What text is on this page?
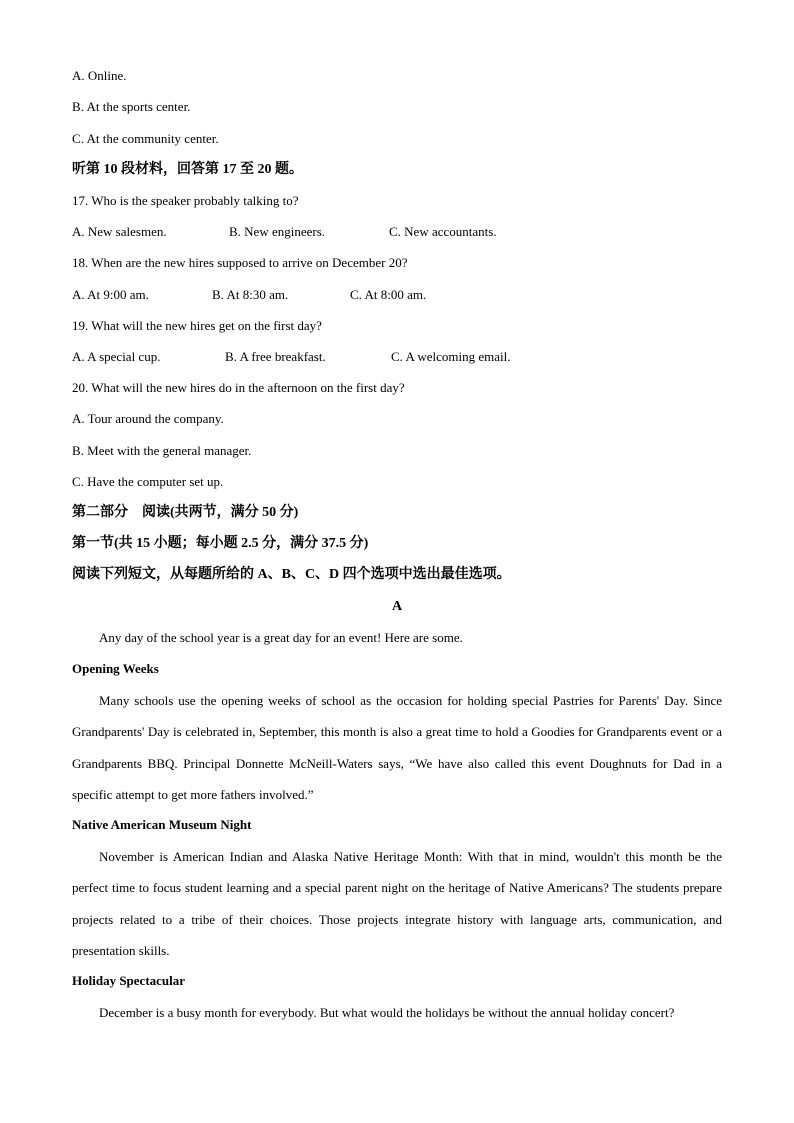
A. Online.
B. At the sports center.
C. At the community center.
听第 10 段材料，回答第 17 至 20 题。
17. Who is the speaker probably talking to?
A. New salesmen.	B. New engineers.	C. New accountants.
18. When are the new hires supposed to arrive on December 20?
A. At 9:00 am.	B. At 8:30 am.	C. At 8:00 am.
19. What will the new hires get on the first day?
A. A special cup.	B. A free breakfast.	C. A welcoming email.
20. What will the new hires do in the afternoon on the first day?
A. Tour around the company.
B. Meet with the general manager.
C. Have the computer set up.
第二部分　阅读(共两节，满分 50 分)
第一节(共 15 小题；每小题 2.5 分，满分 37.5 分)
阅读下列短文，从每题所给的 A、B、C、D 四个选项中选出最佳选项。
A
Any day of the school year is a great day for an event! Here are some.
Opening Weeks
Many schools use the opening weeks of school as the occasion for holding special Pastries for Parents' Day. Since Grandparents' Day is celebrated in, September, this month is also a great time to hold a Goodies for Grandparents event or a Grandparents BBQ. Principal Donnette McNeill-Waters says, “We have also called this event Doughnuts for Dad in a specific attempt to get more fathers involved.”
Native American Museum Night
November is American Indian and Alaska Native Heritage Month: With that in mind, wouldn't this month be the perfect time to focus student learning and a special parent night on the heritage of Native Americans? The students prepare projects related to a tribe of their choices. Those projects integrate history with language arts, communication, and presentation skills.
Holiday Spectacular
December is a busy month for everybody. But what would the holidays be without the annual holiday concert?
